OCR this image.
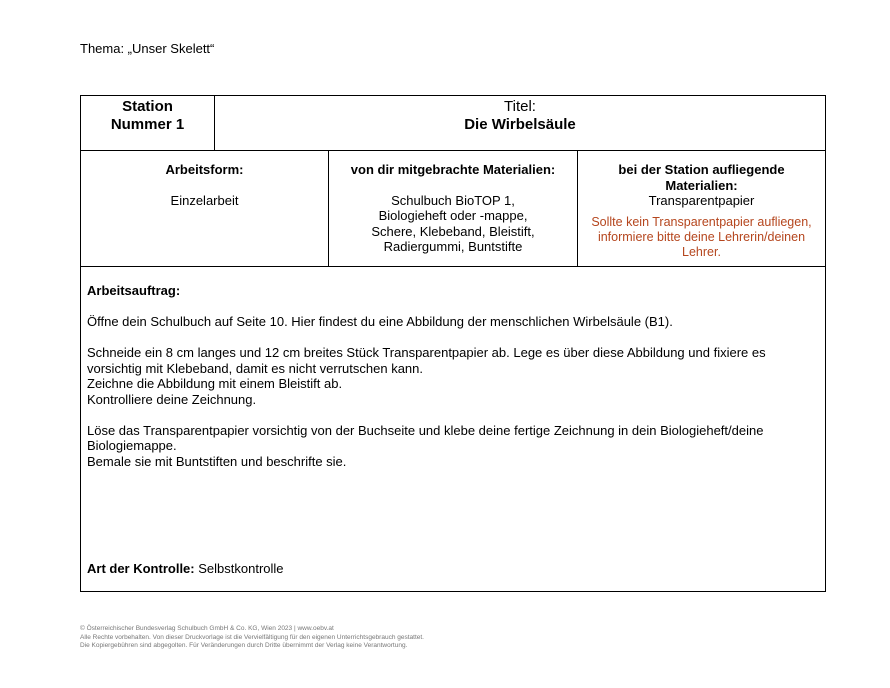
Thema: „Unser Skelett“
Station
Nummer 1
Titel:
Die Wirbelsäule
Arbeitsform:
Einzelarbeit
von dir mitgebrachte Materialien:
Schulbuch BioTOP 1,
Biologieheft oder -mappe,
Schere, Klebeband, Bleistift,
Radiergummi, Buntstifte
bei der Station aufliegende
Materialien:
Transparentpapier
Sollte kein Transparentpapier aufliegen,
informiere bitte deine Lehrerin/deinen
Lehrer.

Arbeitsauftrag:

Öffne dein Schulbuch auf Seite 10. Hier findest du eine Abbildung der menschlichen Wirbelsäule (B1).

Schneide ein 8 cm langes und 12 cm breites Stück Transparentpapier ab. Lege es über diese Abbildung und fixiere es

vorsichtig mit Klebeband, damit es nicht verrutschen kann.

Zeichne die Abbildung mit einem Bleistift ab.

Kontrolliere deine Zeichnung.

Löse das Transparentpapier vorsichtig von der Buchseite und klebe deine fertige Zeichnung in dein Biologieheft/deine

Biologiemappe.

Bemale sie mit Buntstiften und beschrifte sie.

Art der Kontrolle: Selbstkontrolle
© Österreichischer Bundesverlag Schulbuch GmbH & Co. KG, Wien 2023 | www.oebv.at
Alle Rechte vorbehalten. Von dieser Druckvorlage ist die Vervielfältigung für den eigenen Unterrichtsgebrauch gestattet.
Die Kopiergebühren sind abgegolten. Für Veränderungen durch Dritte übernimmt der Verlag keine Verantwortung.
